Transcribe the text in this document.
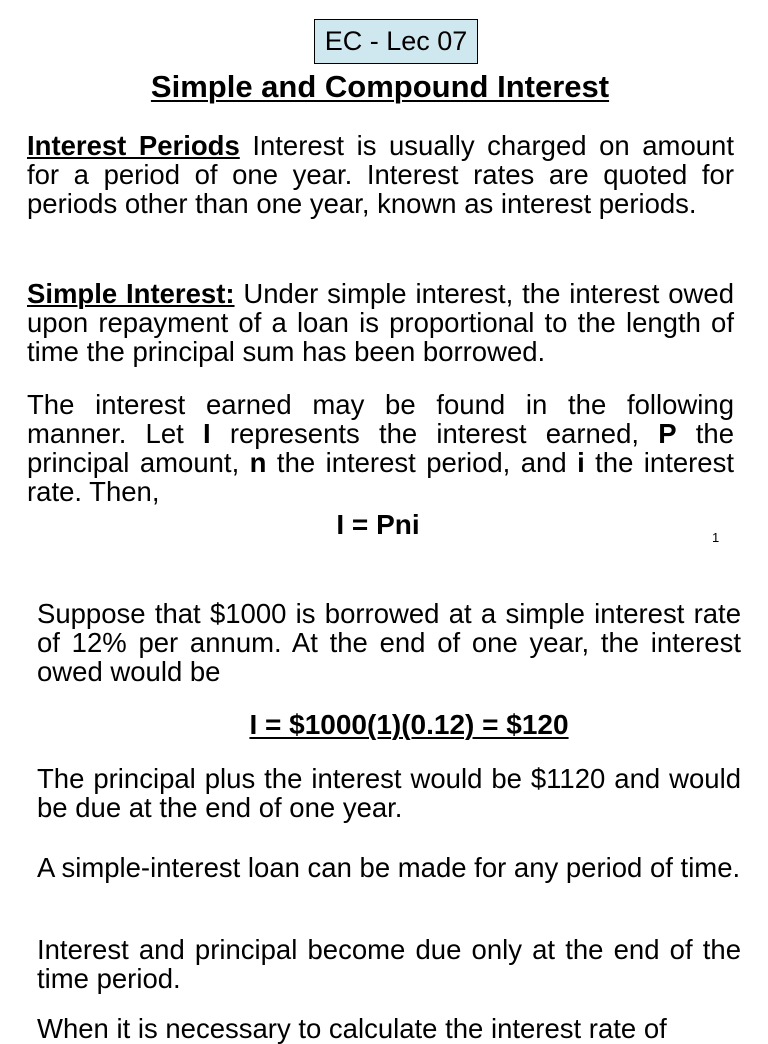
EC - Lec 07
Simple and Compound Interest

Interest Periods Interest is usually charged on amount for a period of one year. Interest rates are quoted for periods other than one year, known as interest periods.

Simple Interest: Under simple interest, the interest owed upon repayment of a loan is proportional to the length of time the principal sum has been borrowed.

The interest earned may be found in the following manner. Let I represents the interest earned, P the principal amount, n the interest period, and i the interest rate. Then,

I = Pni	1

Suppose that $1000 is borrowed at a simple interest rate of 12% per annum. At the end of one year, the interest owed would be

I = $1000(1)(0.12) = $120

The principal plus the interest would be $1120 and would be due at the end of one year.

A simple-interest loan can be made for any period of time.

Interest and principal become due only at the end of the time period.

When it is necessary to calculate the interest rate of
